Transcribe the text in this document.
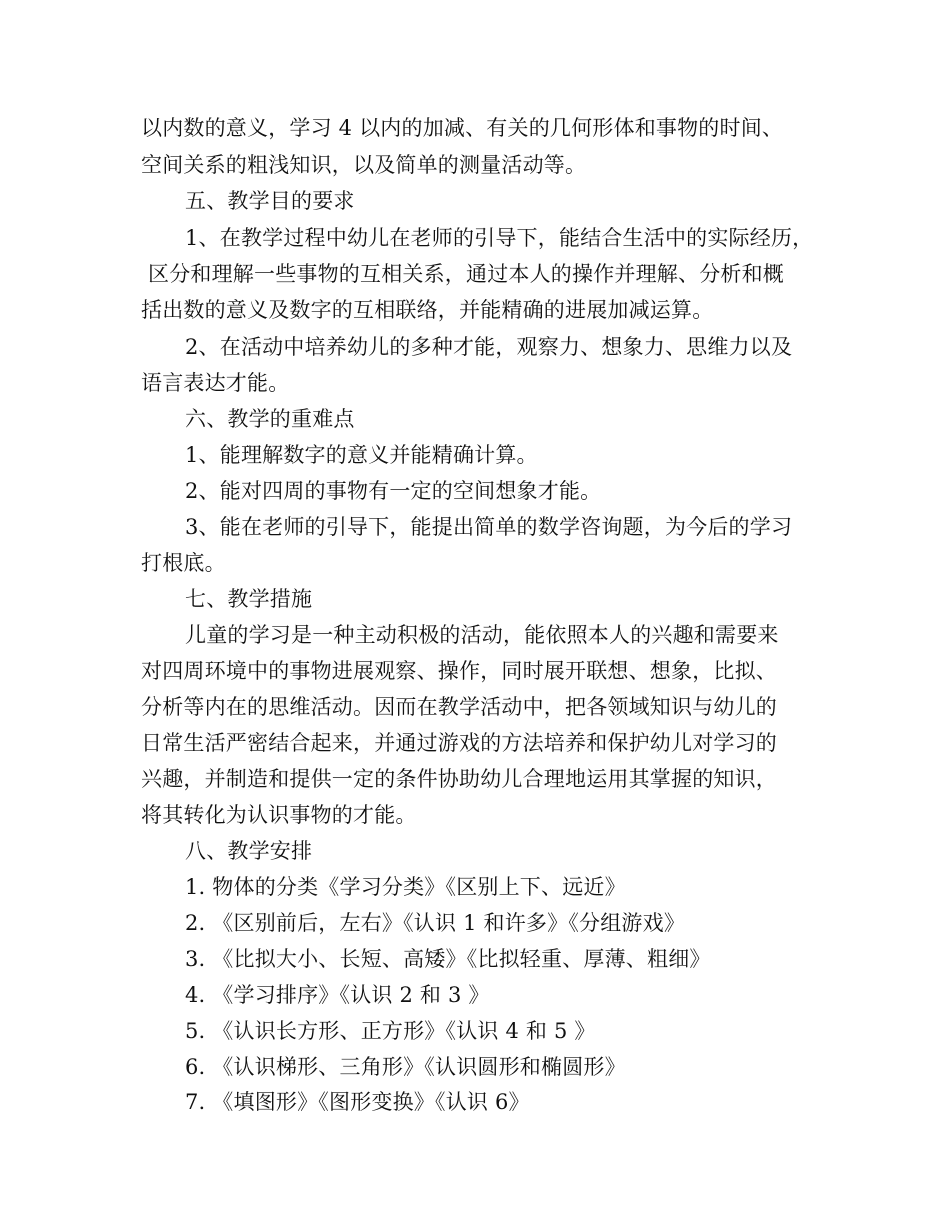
以内数的意义，学习 4 以内的加减、有关的几何形体和事物的时间、
空间关系的粗浅知识，以及简单的测量活动等。
五、教学目的要求
1、在教学过程中幼儿在老师的引导下，能结合生活中的实际经历，
区分和理解一些事物的互相关系，通过本人的操作并理解、分析和概
括出数的意义及数字的互相联络，并能精确的进展加减运算。
2、在活动中培养幼儿的多种才能，观察力、想象力、思维力以及
语言表达才能。
六、教学的重难点
1、能理解数字的意义并能精确计算。
2、能对四周的事物有一定的空间想象才能。
3、能在老师的引导下，能提出简单的数学咨询题，为今后的学习
打根底。
七、教学措施
儿童的学习是一种主动积极的活动，能依照本人的兴趣和需要来
对四周环境中的事物进展观察、操作，同时展开联想、想象，比拟、
分析等内在的思维活动。因而在教学活动中，把各领域知识与幼儿的
日常生活严密结合起来，并通过游戏的方法培养和保护幼儿对学习的
兴趣，并制造和提供一定的条件协助幼儿合理地运用其掌握的知识，
将其转化为认识事物的才能。
八、教学安排
1. 物体的分类《学习分类》《区别上下、远近》
2. 《区别前后，左右》《认识 1 和许多》《分组游戏》
3. 《比拟大小、长短、高矮》《比拟轻重、厚薄、粗细》
4. 《学习排序》《认识 2 和 3 》
5. 《认识长方形、正方形》《认识 4 和 5 》
6. 《认识梯形、三角形》《认识圆形和椭圆形》
7. 《填图形》《图形变换》《认识 6》
